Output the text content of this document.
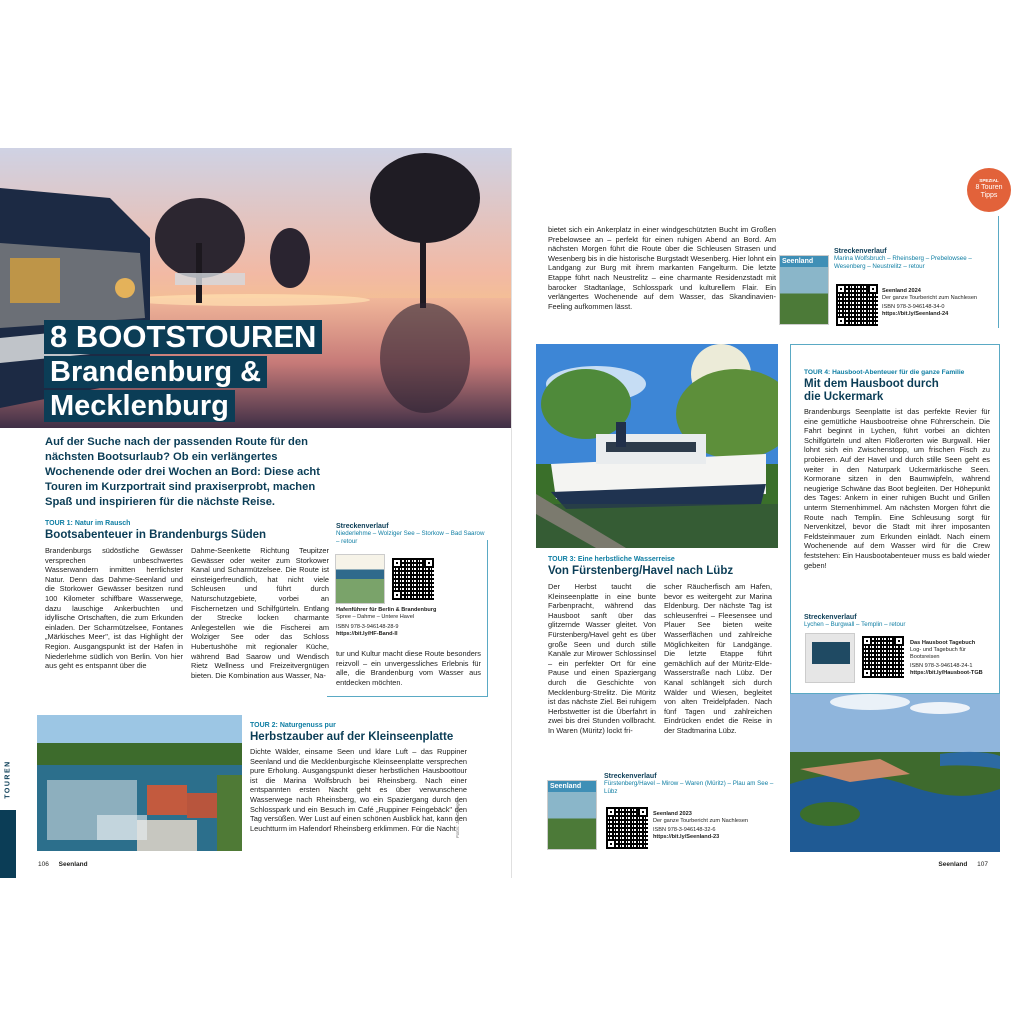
8 BOOTSTOUREN
Brandenburg &
Mecklenburg
TOUREN

Auf der Suche nach der passenden Route für den nächsten Bootsurlaub? Ob ein verlängertes Wochenende oder drei Wochen an Bord: Diese acht Touren im Kurzportrait sind praxiserprobt, machen Spaß und inspirieren für die nächste Reise.

TOUR 1: Natur im Rausch

Bootsabenteuer in Brandenburgs Süden

Brandenburgs südöstliche Gewässer versprechen unbeschwertes Wasserwandern inmitten herrlichster Natur. Denn das Dahme-Seenland und die Storkower Gewässer besitzen rund 100 Kilometer schiffbare Wasserwege, dazu lauschige Ankerbuchten und idyllische Ortschaften, die zum Erkunden einladen. Der Scharmützelsee, Fontanes „Märkisches Meer", ist das Highlight der Region. Ausgangspunkt ist der Hafen in Niederlehme südlich von Berlin. Von hier aus geht es entspannt über die

Dahme-Seenkette Richtung Teupitzer Gewässer oder weiter zum Storkower Kanal und Scharmützelsee. Die Route ist einsteigerfreundlich, hat nicht viele Schleusen und führt durch Naturschutzgebiete, vorbei an Fischernetzen und Schilfgürteln. Entlang der Strecke locken charmante Anlegestellen wie die Fischerei am Wolziger See oder das Schloss Hubertushöhe mit regionaler Küche, während Bad Saarow und Wendisch Rietz Wellness und Freizeitvergnügen bieten. Die Kombination aus Wasser, Na-

tur und Kultur macht diese Route besonders reizvoll – ein unvergessliches Erlebnis für alle, die Brandenburg vom Wasser aus entdecken möchten.

Streckenverlauf

Niederlehme – Wolziger See – Storkow – Bad Saarow – retour

Hafenführer für Berlin & Brandenburg

Spree – Dahme – Untere Havel

ISBN 978-3-946148-28-9

https://bit.ly/HF-Band-II

TOUR 2: Naturgenuss pur

Herbstzauber auf der Kleinseenplatte

Dichte Wälder, einsame Seen und klare Luft – das Ruppiner Seenland und die Mecklenburgische Kleinseenplatte versprechen pure Erholung. Ausgangspunkt dieser herbstlichen Hausboottour ist die Marina Wolfsbruch bei Rheinsberg. Nach einer entspannten ersten Nacht geht es über verwunschene Wasserwege nach Rheinsberg, wo ein Spaziergang durch den Schlosspark und ein Besuch im Café „Ruppiner Feingebäck" den Tag versüßen. Wer Lust auf einen schönen Ausblick hat, kann den Leuchtturm im Hafendorf Rheinsberg erklimmen. Für die Nacht Fotos: Jan Draeger
106 Seenland
SPEZIAL
8 Touren Tipps

bietet sich ein Ankerplatz in einer windgeschützten Bucht im Großen Prebelowsee an – perfekt für einen ruhigen Abend an Bord. Am nächsten Morgen führt die Route über die Schleusen Strasen und Wesenberg bis in die historische Burgstadt Wesenberg. Hier lohnt ein Landgang zur Burg mit ihrem markanten Fangelturm. Die letzte Etappe führt nach Neustrelitz – eine charmante Residenzstadt mit barocker Stadtanlage, Schlosspark und kulturellem Flair. Ein verlängertes Wochenende auf dem Wasser, das Skandinavien-Feeling aufkommen lässt.

Seenland

Streckenverlauf

Marina Wolfsbruch – Rheinsberg – Prebelowsee – Wesenberg – Neustrelitz – retour

Seenland 2024

Der ganze Tourbericht zum Nachlesen

ISBN 978-3-946148-34-0

https://bit.ly/Seenland-24

TOUR 3: Eine herbstliche Wasserreise

Von Fürstenberg/Havel nach Lübz

Der Herbst taucht die Kleinseenplatte in eine bunte Farbenpracht, während das Hausboot sanft über das glitzernde Wasser gleitet. Von Fürstenberg/Havel geht es über große Seen und durch stille Kanäle zur Mirower Schlossinsel – ein perfekter Ort für eine Pause und einen Spaziergang durch die Geschichte von Mecklenburg-Strelitz. Die Müritz ist das nächste Ziel. Bei ruhigem Herbstwetter ist die Überfahrt in zwei bis drei Stunden vollbracht. In Waren (Müritz) lockt fri-

scher Räucherfisch am Hafen, bevor es weitergeht zur Marina Eldenburg. Der nächste Tag ist schleusenfrei – Fleesensee und Plauer See bieten weite Wasserflächen und zahlreiche Möglichkeiten für Landgänge. Die letzte Etappe führt gemächlich auf der Müritz-Elde-Wasserstraße nach Lübz. Der Kanal schlängelt sich durch Wälder und Wiesen, begleitet von alten Treidelpfaden. Nach fünf Tagen und zahlreichen Eindrücken endet die Reise in der Stadtmarina Lübz.

Seenland

Streckenverlauf

Fürstenberg/Havel – Mirow – Waren (Müritz) – Plau am See – Lübz

Seenland 2023

Der ganze Tourbericht zum Nachlesen

ISBN 978-3-946148-32-6

https://bit.ly/Seenland-23

TOUR 4: Hausboot-Abenteuer für die ganze Familie

Mit dem Hausboot durch die Uckermark

Brandenburgs Seenplatte ist das perfekte Revier für eine gemütliche Hausbootreise ohne Führerschein. Die Fahrt beginnt in Lychen, führt vorbei an dichten Schilfgürteln und alten Flößerorten wie Burgwall. Hier lohnt sich ein Zwischenstopp, um frischen Fisch zu probieren. Auf der Havel und durch stille Seen geht es weiter in den Naturpark Uckermärkische Seen. Kormorane sitzen in den Baumwipfeln, während neugierige Schwäne das Boot begleiten. Der Höhepunkt des Tages: Ankern in einer ruhigen Bucht und Grillen unterm Sternenhimmel. Am nächsten Morgen führt die Route nach Templin. Eine Schleusung sorgt für Nervenkitzel, bevor die Stadt mit ihrer imposanten Feldsteinmauer zum Erkunden einlädt. Nach einem Wochenende auf dem Wasser wird für die Crew feststehen: Ein Hausbootabenteuer muss es bald wieder geben!

Streckenverlauf

Lychen – Burgwall – Templin – retour

Das Hausboot Tagebuch

Log- und Tagebuch für Bootsreisen

ISBN 978-3-946148-24-1

https://bit.ly/Hausboot-TGB

Seenland 107
